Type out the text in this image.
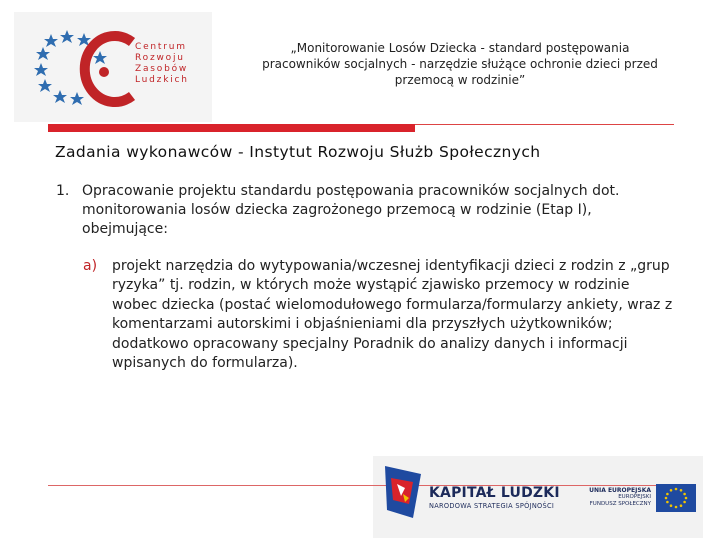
Centrum
Rozwoju
Zasobów
Ludzkich
„Monitorowanie Losów Dziecka - standard postępowania pracowników socjalnych - narzędzie służące ochronie dzieci przed przemocą w rodzinie”
Zadania wykonawców - Instytut Rozwoju Służb Społecznych
1. Opracowanie projektu standardu postępowania pracowników socjalnych dot. monitorowania losów dziecka zagrożonego przemocą w rodzinie (Etap I), obejmujące:
a) projekt narzędzia do wytypowania/wczesnej identyfikacji dzieci z rodzin z „grup ryzyka” tj. rodzin, w których może wystąpić zjawisko przemocy w rodzinie wobec dziecka (postać wielomodułowego formularza/formularzy ankiety, wraz z komentarzami autorskimi i objaśnieniami dla przyszłych użytkowników; dodatkowo opracowany specjalny Poradnik do analizy danych i informacji wpisanych do formularza).
KAPITAŁ LUDZKI
NARODOWA STRATEGIA SPÓJNOŚCI
UNIA EUROPEJSKA
EUROPEJSKI
FUNDUSZ SPOŁECZNY
